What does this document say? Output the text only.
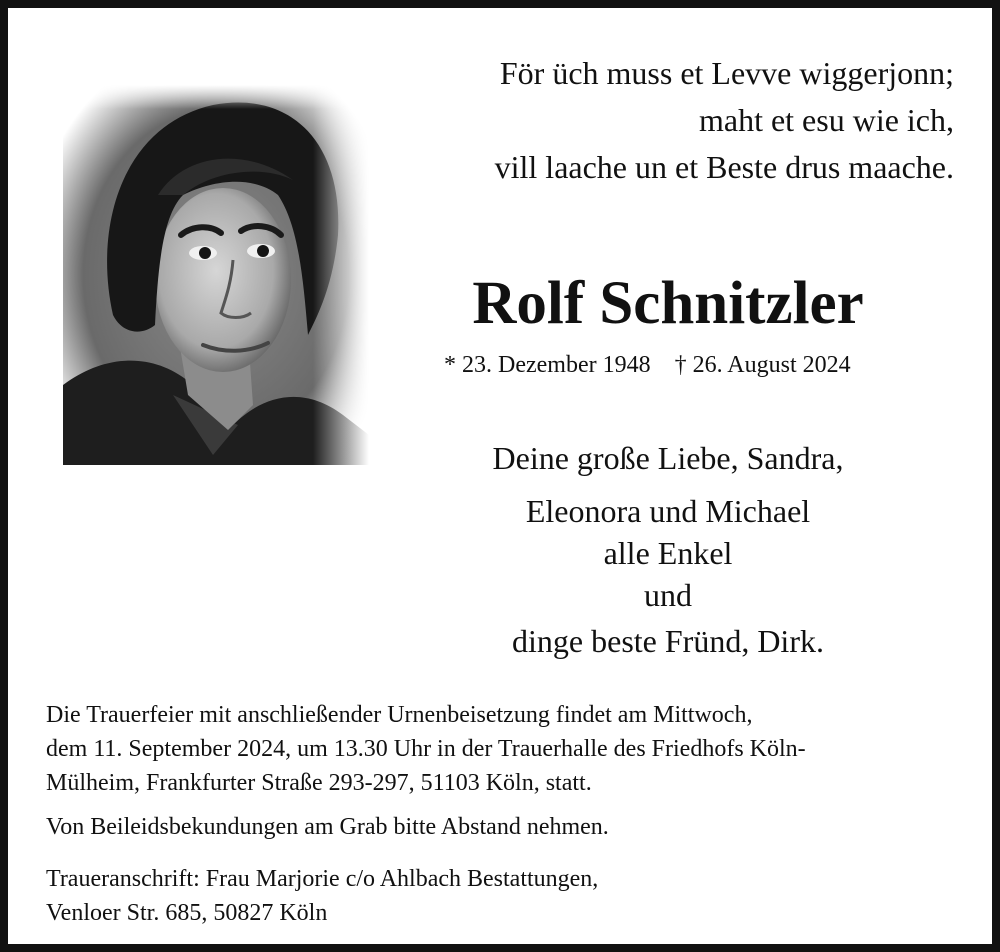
För üch muss et Levve wiggerjonn;
maht et esu wie ich,
vill laache un et Beste drus maache.
Rolf Schnitzler
* 23. Dezember 1948 † 26. August 2024
Deine große Liebe, Sandra,
Eleonora und Michael
alle Enkel
und
dinge beste Fründ, Dirk.
Die Trauerfeier mit anschließender Urnenbeisetzung findet am Mittwoch,
dem 11. September 2024, um 13.30 Uhr in der Trauerhalle des Friedhofs Köln-
Mülheim, Frankfurter Straße 293-297, 51103 Köln, statt.
Von Beileidsbekundungen am Grab bitte Abstand nehmen.
Traueranschrift: Frau Marjorie c/o Ahlbach Bestattungen,
Venloer Str. 685, 50827 Köln
